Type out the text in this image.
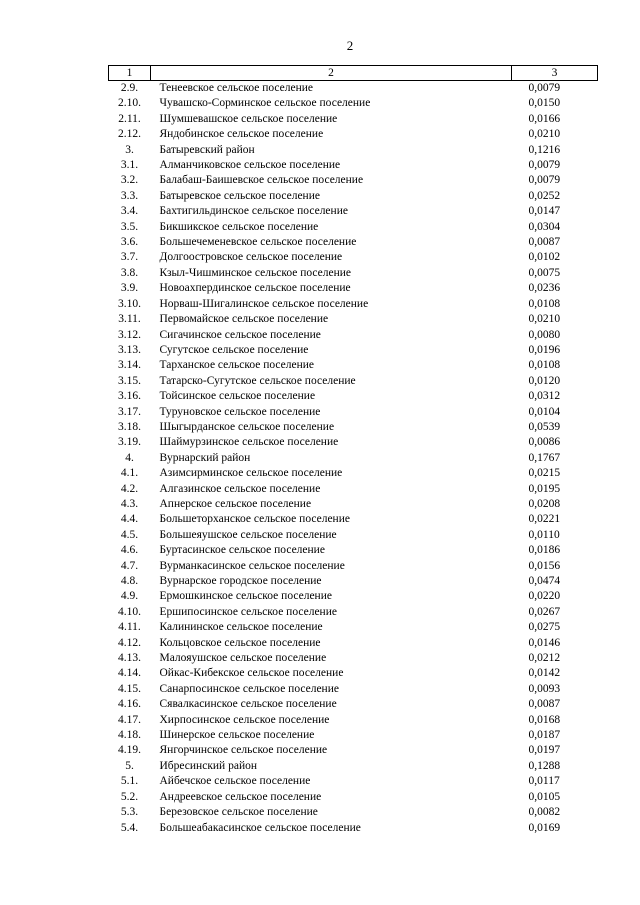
2
1	2	3
2.9.	Тенеевское сельское поселение	0,0079
2.10.	Чувашско-Сорминское сельское поселение	0,0150
2.11.	Шумшевашское сельское поселение	0,0166
2.12.	Яндобинское сельское поселение	0,0210
3.	Батыревский район	0,1216
3.1.	Алманчиковское сельское поселение	0,0079
3.2.	Балабаш-Баишевское сельское поселение	0,0079
3.3.	Батыревское сельское поселение	0,0252
3.4.	Бахтигильдинское сельское поселение	0,0147
3.5.	Бикшикское сельское поселение	0,0304
3.6.	Большечеменевское сельское поселение	0,0087
3.7.	Долгоостровское сельское поселение	0,0102
3.8.	Кзыл-Чишминское сельское поселение	0,0075
3.9.	Новоахпердинское сельское поселение	0,0236
3.10.	Норваш-Шигалинское сельское поселение	0,0108
3.11.	Первомайское сельское поселение	0,0210
3.12.	Сигачинское сельское поселение	0,0080
3.13.	Сугутское сельское поселение	0,0196
3.14.	Тарханское сельское поселение	0,0108
3.15.	Татарско-Сугутское сельское поселение	0,0120
3.16.	Тойсинское сельское поселение	0,0312
3.17.	Туруновское сельское поселение	0,0104
3.18.	Шыгырданское сельское поселение	0,0539
3.19.	Шаймурзинское сельское поселение	0,0086
4.	Вурнарский район	0,1767
4.1.	Азимсирминское сельское поселение	0,0215
4.2.	Алгазинское сельское поселение	0,0195
4.3.	Апнерское сельское поселение	0,0208
4.4.	Большеторханское сельское поселение	0,0221
4.5.	Большеяушское сельское поселение	0,0110
4.6.	Буртасинское сельское поселение	0,0186
4.7.	Вурманкасинское сельское поселение	0,0156
4.8.	Вурнарское городское поселение	0,0474
4.9.	Ермошкинское сельское поселение	0,0220
4.10.	Ершипосинское сельское поселение	0,0267
4.11.	Калининское сельское поселение	0,0275
4.12.	Кольцовское сельское поселение	0,0146
4.13.	Малояушское сельское поселение	0,0212
4.14.	Ойкас-Кибекское сельское поселение	0,0142
4.15.	Санарпосинское сельское поселение	0,0093
4.16.	Сявалкасинское сельское поселение	0,0087
4.17.	Хирпосинское сельское поселение	0,0168
4.18.	Шинерское сельское поселение	0,0187
4.19.	Янгорчинское сельское поселение	0,0197
5.	Ибресинский район	0,1288
5.1.	Айбечское сельское поселение	0,0117
5.2.	Андреевское сельское поселение	0,0105
5.3.	Березовское сельское поселение	0,0082
5.4.	Большеабакасинское сельское поселение	0,0169
